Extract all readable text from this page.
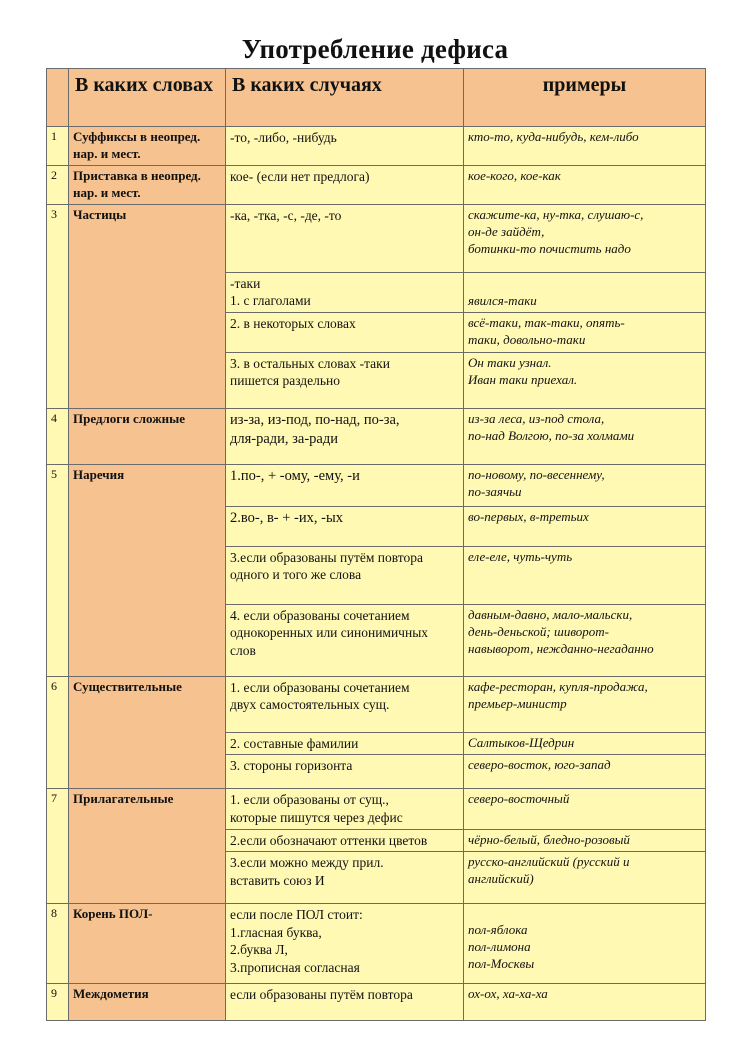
Употребление дефиса
	В каких словах	В каких случаях	примеры
1	Суффиксы в неопред. нар. и мест.	-то, -либо, -нибудь	кто-то, куда-нибудь, кем-либо
2	Приставка в неопред. нар. и мест.	кое- (если нет предлога)	кое-кого, кое-как
3	Частицы	-ка, -тка, -с, -де, -то	скажите-ка, ну-тка, слушаю-с,
он-де зайдёт,
ботинки-то почистить надо

		-таки
1. с глаголами	явился-таки
		2. в некоторых словах	всё-таки, так-таки, опять-
таки, довольно-таки

		3. в остальных словах -таки
пишется раздельно	Он таки узнал.
Иван таки приехал.

4	Предлоги сложные	из-за, из-под, по-над, по-за,
для-ради, за-ради	из-за леса, из-под стола,
по-над Волгою, по-за холмами

5	Наречия	1.по-, + -ому, -ему, -и	по-новому, по-весеннему,
по-заячьи

		2.во-, в- + -их, -ых	во-первых, в-третьих

		3.если образованы путём повтора
одного и того же слова	еле-еле, чуть-чуть

		4. если образованы сочетанием
однокоренных или синонимичных
слов	давным-давно, мало-мальски,
день-деньской; шиворот-
навыворот, нежданно-негаданно

6	Существительные	1. если образованы сочетанием
двух самостоятельных сущ.	кафе-ресторан, купля-продажа,
премьер-министр

		2. составные фамилии	Салтыков-Щедрин
		3. стороны горизонта	северо-восток, юго-запад
7	Прилагательные	1. если образованы от сущ.,
которые пишутся через дефис	северо-восточный
		2.если обозначают оттенки цветов	чёрно-белый, бледно-розовый

		3.если можно между прил.
вставить союз И	русско-английский (русский и
английский)

8	Корень ПОЛ-	если после ПОЛ стоит:
1.гласная буква,
2.буква Л,
3.прописная согласная	пол-яблока
пол-лимона
пол-Москвы

9	Междометия	если образованы путём повтора	ох-ох, ха-ха-ха
